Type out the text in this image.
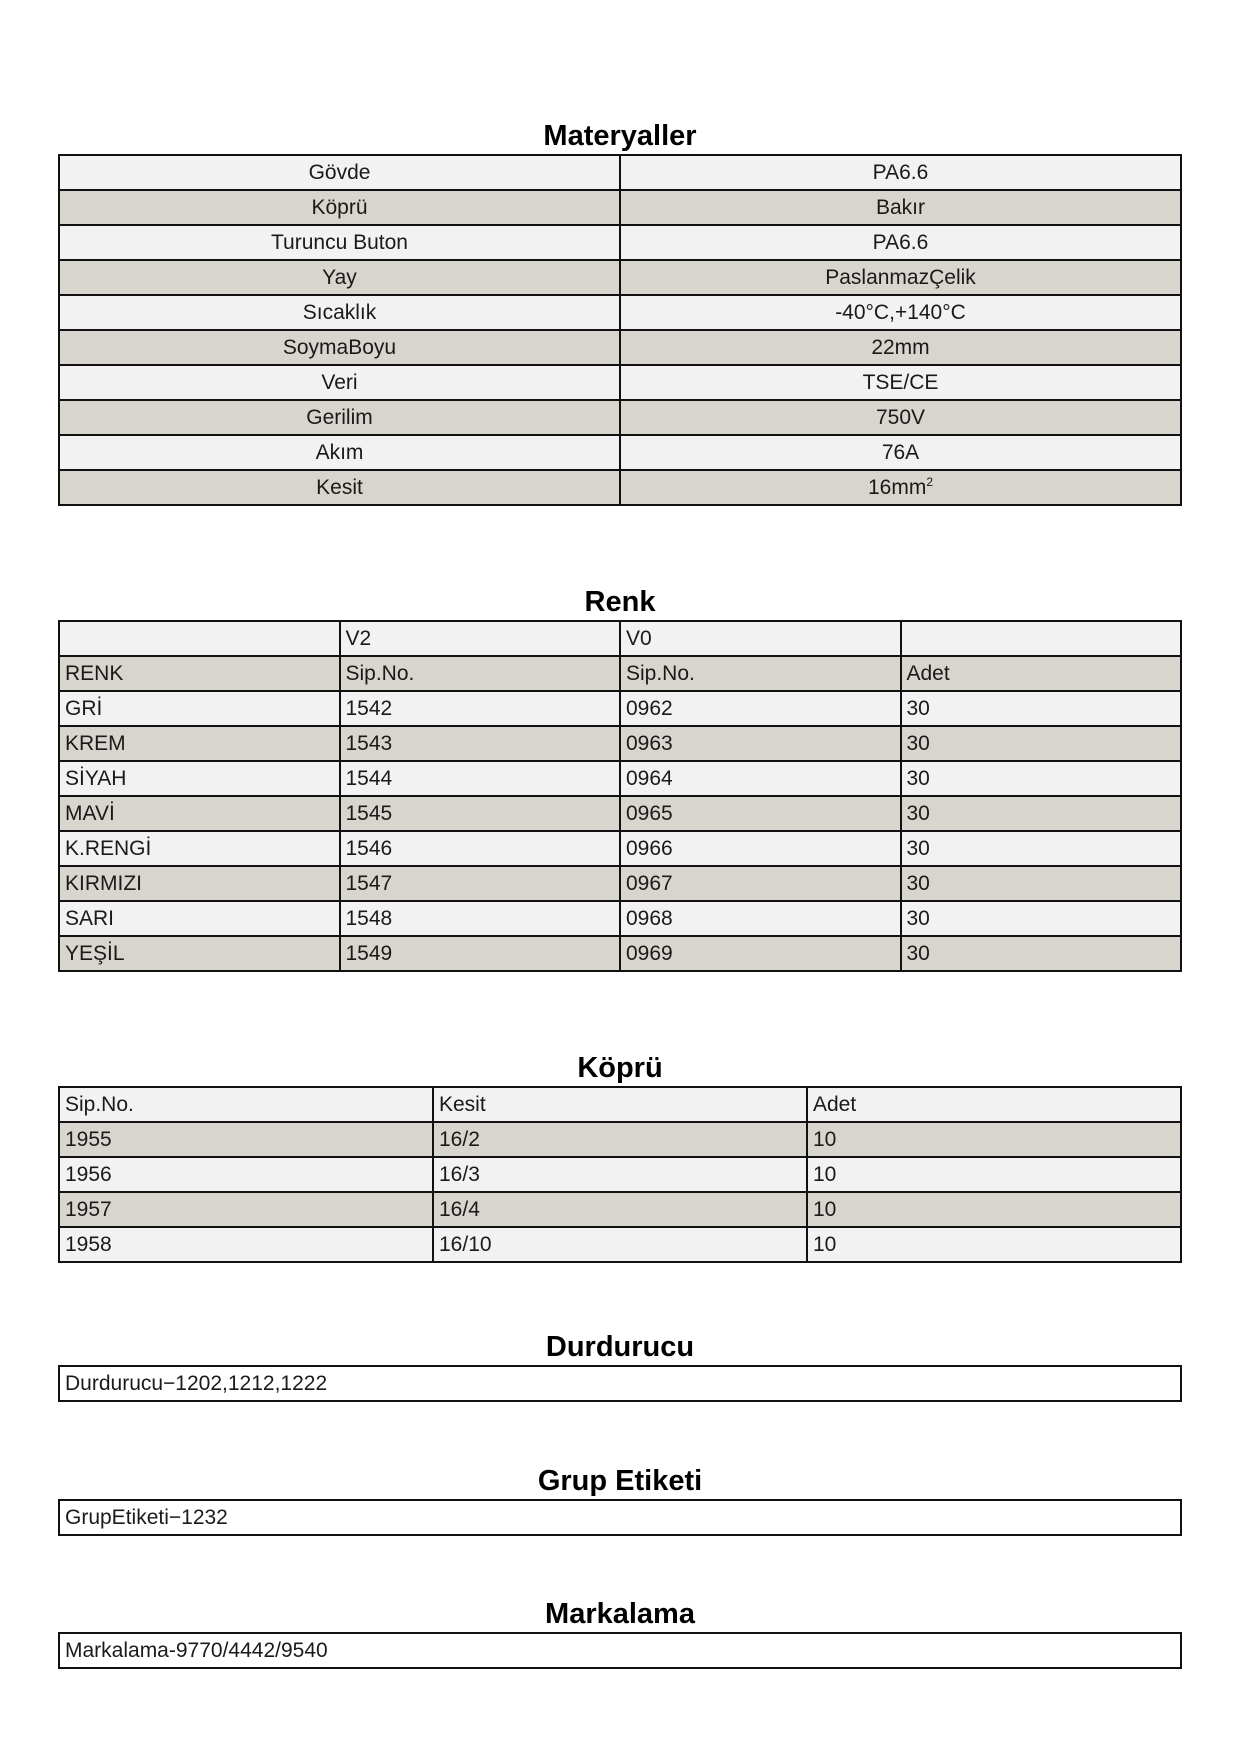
Materyaller
Gövde	PA6.6
Köprü	Bakır
Turuncu Buton	PA6.6
Yay	PaslanmazÇelik
Sıcaklık	-40°C,+140°C
SoymaBoyu	22mm
Veri	TSE/CE
Gerilim	750V
Akım	76A
Kesit	$16mm^2$
Renk
	V2	V0	
RENK	Sip.No.	Sip.No.	Adet
GRİ	1542	0962	30
KREM	1543	0963	30
SİYAH	1544	0964	30
MAVİ	1545	0965	30
K.RENGİ	1546	0966	30
KIRMIZI	1547	0967	30
SARI	1548	0968	30
YEŞİL	1549	0969	30
Köprü
Sip.No.	Kesit	Adet
1955	16/2	10
1956	16/3	10
1957	16/4	10
1958	16/10	10
Durdurucu
Durdurucu−1202,1212,1222
Grup Etiketi
GrupEtiketi−1232
Markalama
Markalama-9770/4442/9540
